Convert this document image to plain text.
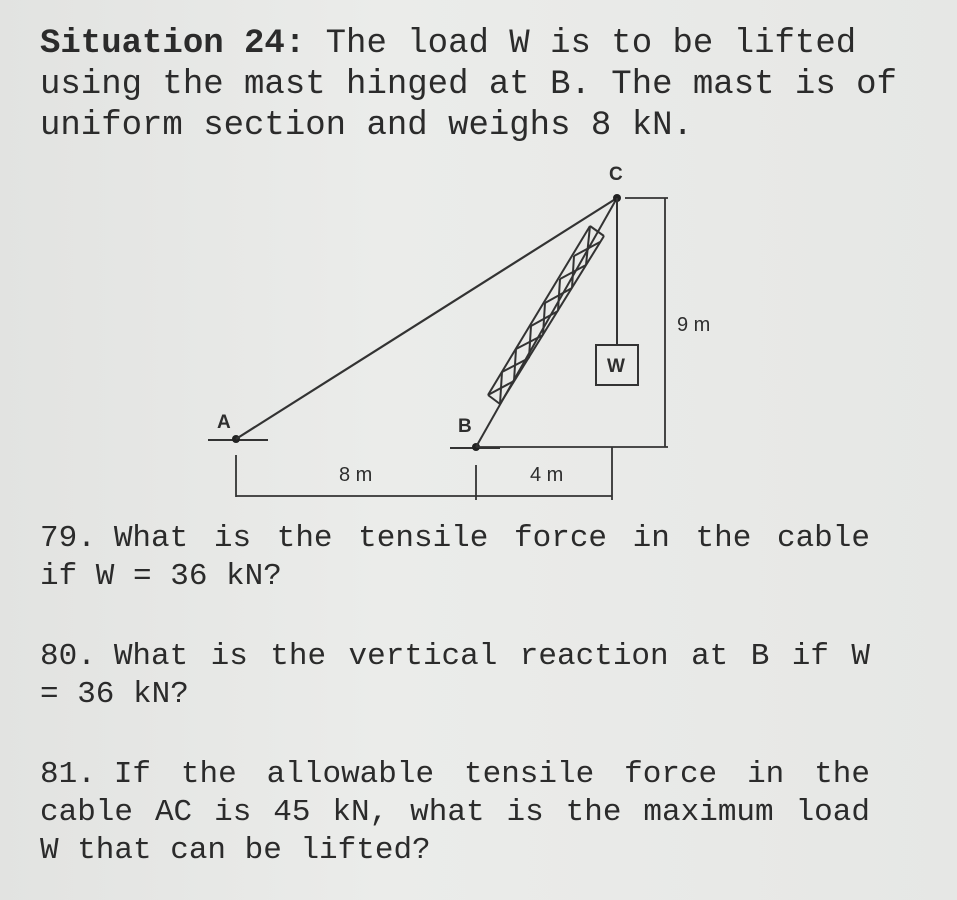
Situation 24: The load W is to be lifted using the mast hinged at B. The mast is of uniform section and weighs 8 kN.
A	B
C
W
8 m	4 m
9 m
79. What is the tensile force in the cable if W = 36 kN?
80. What is the vertical reaction at B if W = 36 kN?
81. If the allowable tensile force in the cable AC is 45 kN, what is the maximum load W that can be lifted?
